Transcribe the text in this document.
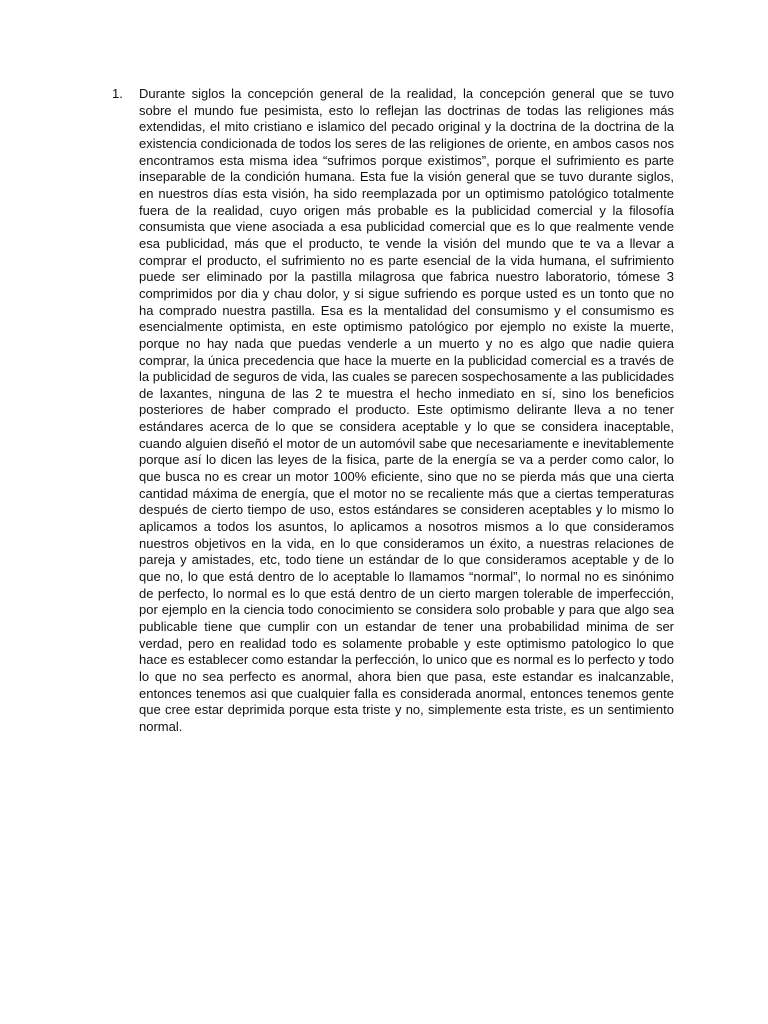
1.	Durante siglos la concepción general de la realidad, la concepción general que se tuvo sobre el mundo fue pesimista, esto lo reflejan las doctrinas de todas las religiones más extendidas, el mito cristiano e islamico del pecado original y la doctrina de la doctrina de la existencia condicionada de todos los seres de las religiones de oriente, en ambos casos nos encontramos esta misma idea “sufrimos porque existimos”, porque el sufrimiento es parte inseparable de la condición humana. Esta fue la visión general que se tuvo durante siglos, en nuestros días esta visión, ha sido reemplazada por un optimismo patológico totalmente fuera de la realidad, cuyo origen más probable es la publicidad comercial y la filosofía consumista que viene asociada a esa publicidad comercial que es lo que realmente vende esa publicidad, más que el producto, te vende la visión del mundo que te va a llevar a comprar el producto, el sufrimiento no es parte esencial de la vida humana, el sufrimiento puede ser eliminado por la pastilla milagrosa que fabrica nuestro laboratorio, tómese 3 comprimidos por dia y chau dolor, y si sigue sufriendo es porque usted es un tonto que no ha comprado nuestra pastilla. Esa es la mentalidad del consumismo y el consumismo es esencialmente optimista, en este optimismo patológico por ejemplo no existe la muerte, porque no hay nada que puedas venderle a un muerto y no es algo que nadie quiera comprar, la única precedencia que hace la muerte en la publicidad comercial es a través de la publicidad de seguros de vida, las cuales se parecen sospechosamente a las publicidades de laxantes, ninguna de las 2 te muestra el hecho inmediato en sí, sino los beneficios posteriores de haber comprado el producto. Este optimismo delirante lleva a no tener estándares acerca de lo que se considera aceptable y lo que se considera inaceptable, cuando alguien diseñó el motor de un automóvil sabe que necesariamente e inevitablemente porque así lo dicen las leyes de la fisica, parte de la energía se va a perder como calor, lo que busca no es crear un motor 100% eficiente, sino que no se pierda más que una cierta cantidad máxima de energía, que el motor no se recaliente más que a ciertas temperaturas después de cierto tiempo de uso, estos estándares se consideren aceptables y lo mismo lo aplicamos a todos los asuntos, lo aplicamos a nosotros mismos a lo que consideramos nuestros objetivos en la vida, en lo que consideramos un éxito, a nuestras relaciones de pareja y amistades, etc, todo tiene un estándar de lo que consideramos aceptable y de lo que no, lo que está dentro de lo aceptable lo llamamos “normal”, lo normal no es sinónimo de perfecto, lo normal es lo que está dentro de un cierto margen tolerable de imperfección, por ejemplo en la ciencia todo conocimiento se considera solo probable y para que algo sea publicable tiene que cumplir con un estandar de tener una probabilidad minima de ser verdad, pero en realidad todo es solamente probable y este optimismo patologico lo que hace es establecer como estandar la perfección, lo unico que es normal es lo perfecto y todo lo que no sea perfecto es anormal, ahora bien que pasa, este estandar es inalcanzable, entonces tenemos asi que cualquier falla es considerada anormal, entonces tenemos gente que cree estar deprimida porque esta triste y no, simplemente esta triste, es un sentimiento normal.
